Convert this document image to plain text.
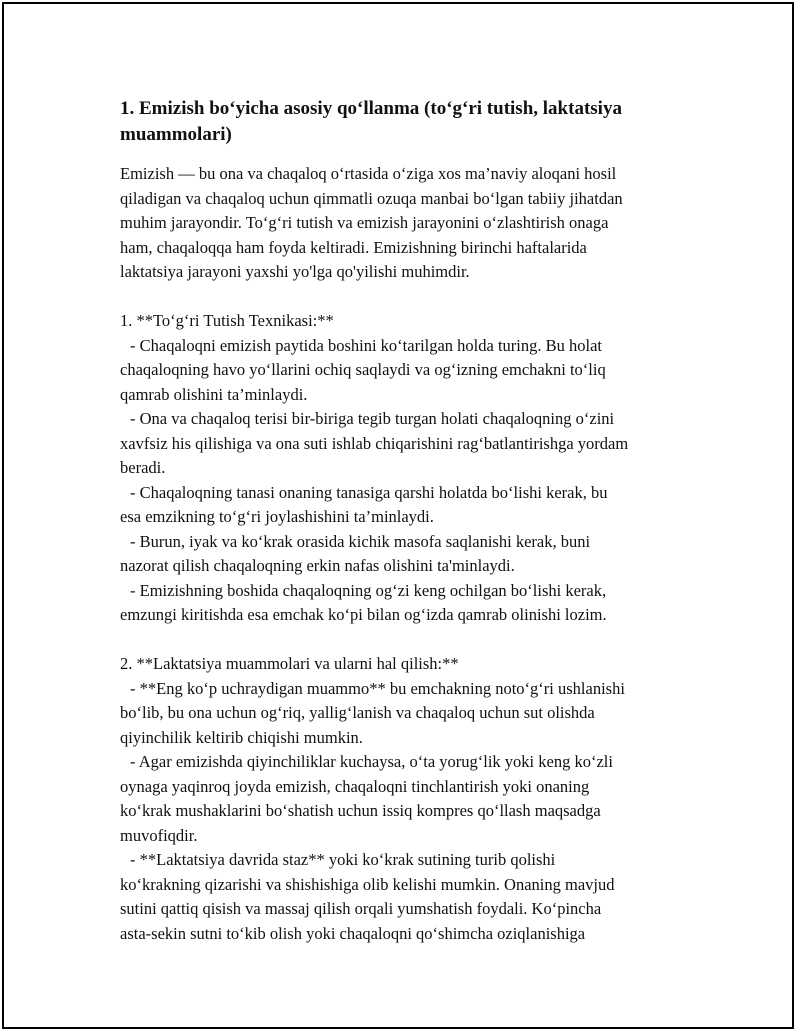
1. Emizish bo‘yicha asosiy qo‘llanma (to‘g‘ri tutish, laktatsiya muammolari)
Emizish — bu ona va chaqaloq o‘rtasida o‘ziga xos ma’naviy aloqani hosil
qiladigan va chaqaloq uchun qimmatli ozuqa manbai bo‘lgan tabiiy jihatdan
muhim jarayondir. To‘g‘ri tutish va emizish jarayonini o‘zlashtirish onaga
ham, chaqaloqqa ham foyda keltiradi. Emizishning birinchi haftalarida
laktatsiya jarayoni yaxshi yo'lga qo'yilishi muhimdir.
1. **To‘g‘ri Tutish Texnikasi:**
- Chaqaloqni emizish paytida boshini ko‘tarilgan holda turing. Bu holat
chaqaloqning havo yo‘llarini ochiq saqlaydi va og‘izning emchakni to‘liq
qamrab olishini ta’minlaydi.
- Ona va chaqaloq terisi bir-biriga tegib turgan holati chaqaloqning o‘zini
xavfsiz his qilishiga va ona suti ishlab chiqarishini rag‘batlantirishga yordam
beradi.
- Chaqaloqning tanasi onaning tanasiga qarshi holatda bo‘lishi kerak, bu
esa emzikning to‘g‘ri joylashishini ta’minlaydi.
- Burun, iyak va ko‘krak orasida kichik masofa saqlanishi kerak, buni
nazorat qilish chaqaloqning erkin nafas olishini ta'minlaydi.
- Emizishning boshida chaqaloqning og‘zi keng ochilgan bo‘lishi kerak,
emzungi kiritishda esa emchak ko‘pi bilan og‘izda qamrab olinishi lozim.
2. **Laktatsiya muammolari va ularni hal qilish:**
- **Eng ko‘p uchraydigan muammo** bu emchakning noto‘g‘ri ushlanishi
bo‘lib, bu ona uchun og‘riq, yallig‘lanish va chaqaloq uchun sut olishda
qiyinchilik keltirib chiqishi mumkin.
- Agar emizishda qiyinchiliklar kuchaysa, o‘ta yorug‘lik yoki keng ko‘zli
oynaga yaqinroq joyda emizish, chaqaloqni tinchlantirish yoki onaning
ko‘krak mushaklarini bo‘shatish uchun issiq kompres qo‘llash maqsadga
muvofiqdir.
- **Laktatsiya davrida staz** yoki ko‘krak sutining turib qolishi
ko‘krakning qizarishi va shishishiga olib kelishi mumkin. Onaning mavjud
sutini qattiq qisish va massaj qilish orqali yumshatish foydali. Ko‘pincha
asta-sekin sutni to‘kib olish yoki chaqaloqni qo‘shimcha oziqlanishiga
